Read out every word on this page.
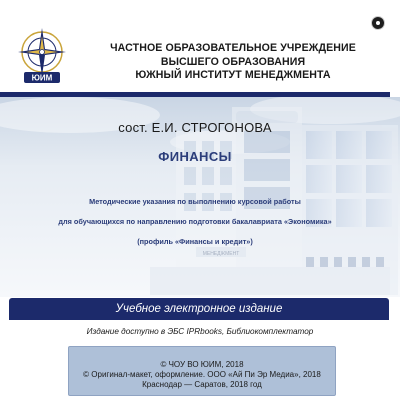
МЕНЕДЖМЕНТ
ЮИМ
ЧАСТНОЕ ОБРАЗОВАТЕЛЬНОЕ УЧРЕЖДЕНИЕ
ВЫСШЕГО ОБРАЗОВАНИЯ
ЮЖНЫЙ ИНСТИТУТ МЕНЕДЖМЕНТА
сост. Е.И. СТРОГОНОВА
ФИНАНСЫ
Методические указания по выполнению курсовой работы
для обучающихся по направлению подготовки бакалавриата «Экономика»
(профиль «Финансы и кредит»)
Учебное электронное издание
Издание доступно в ЭБС IPRbooks, Библиокомплектатор
© ЧОУ ВО ЮИМ, 2018
© Оригинал-макет, оформление. ООО «Ай Пи Эр Медиа», 2018
Краснодар — Саратов, 2018 год
